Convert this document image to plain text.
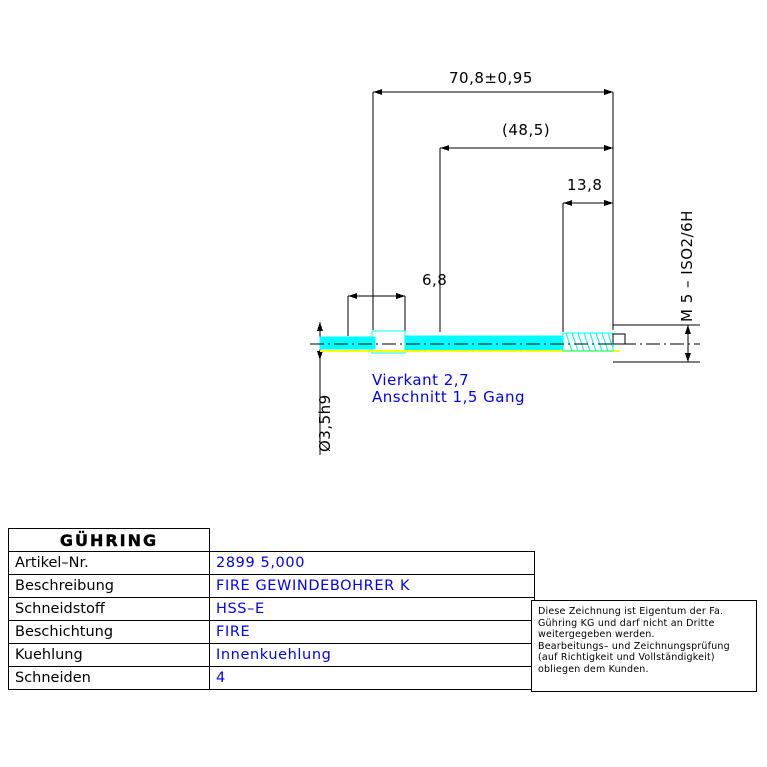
70,8±0,95
(48,5)
13,8
6,8
Ø3,5h9
M 5 – ISO2/6H
Vierkant 2,7
Anschnitt 1,5 Gang
GÜHRING	

Artikel–Nr.	2899 5,000
Beschreibung	FIRE GEWINDEBOHRER K
Schneidstoff	HSS–E
Beschichtung	FIRE
Kuehlung	Innenkuehlung
Schneiden	4

Diese Zeichnung ist Eigentum der Fa.

Gühring KG und darf nicht an Dritte

weitergegeben werden.

Bearbeitungs– und Zeichnungsprüfung

(auf Richtigkeit und Vollständigkeit)

obliegen dem Kunden.
